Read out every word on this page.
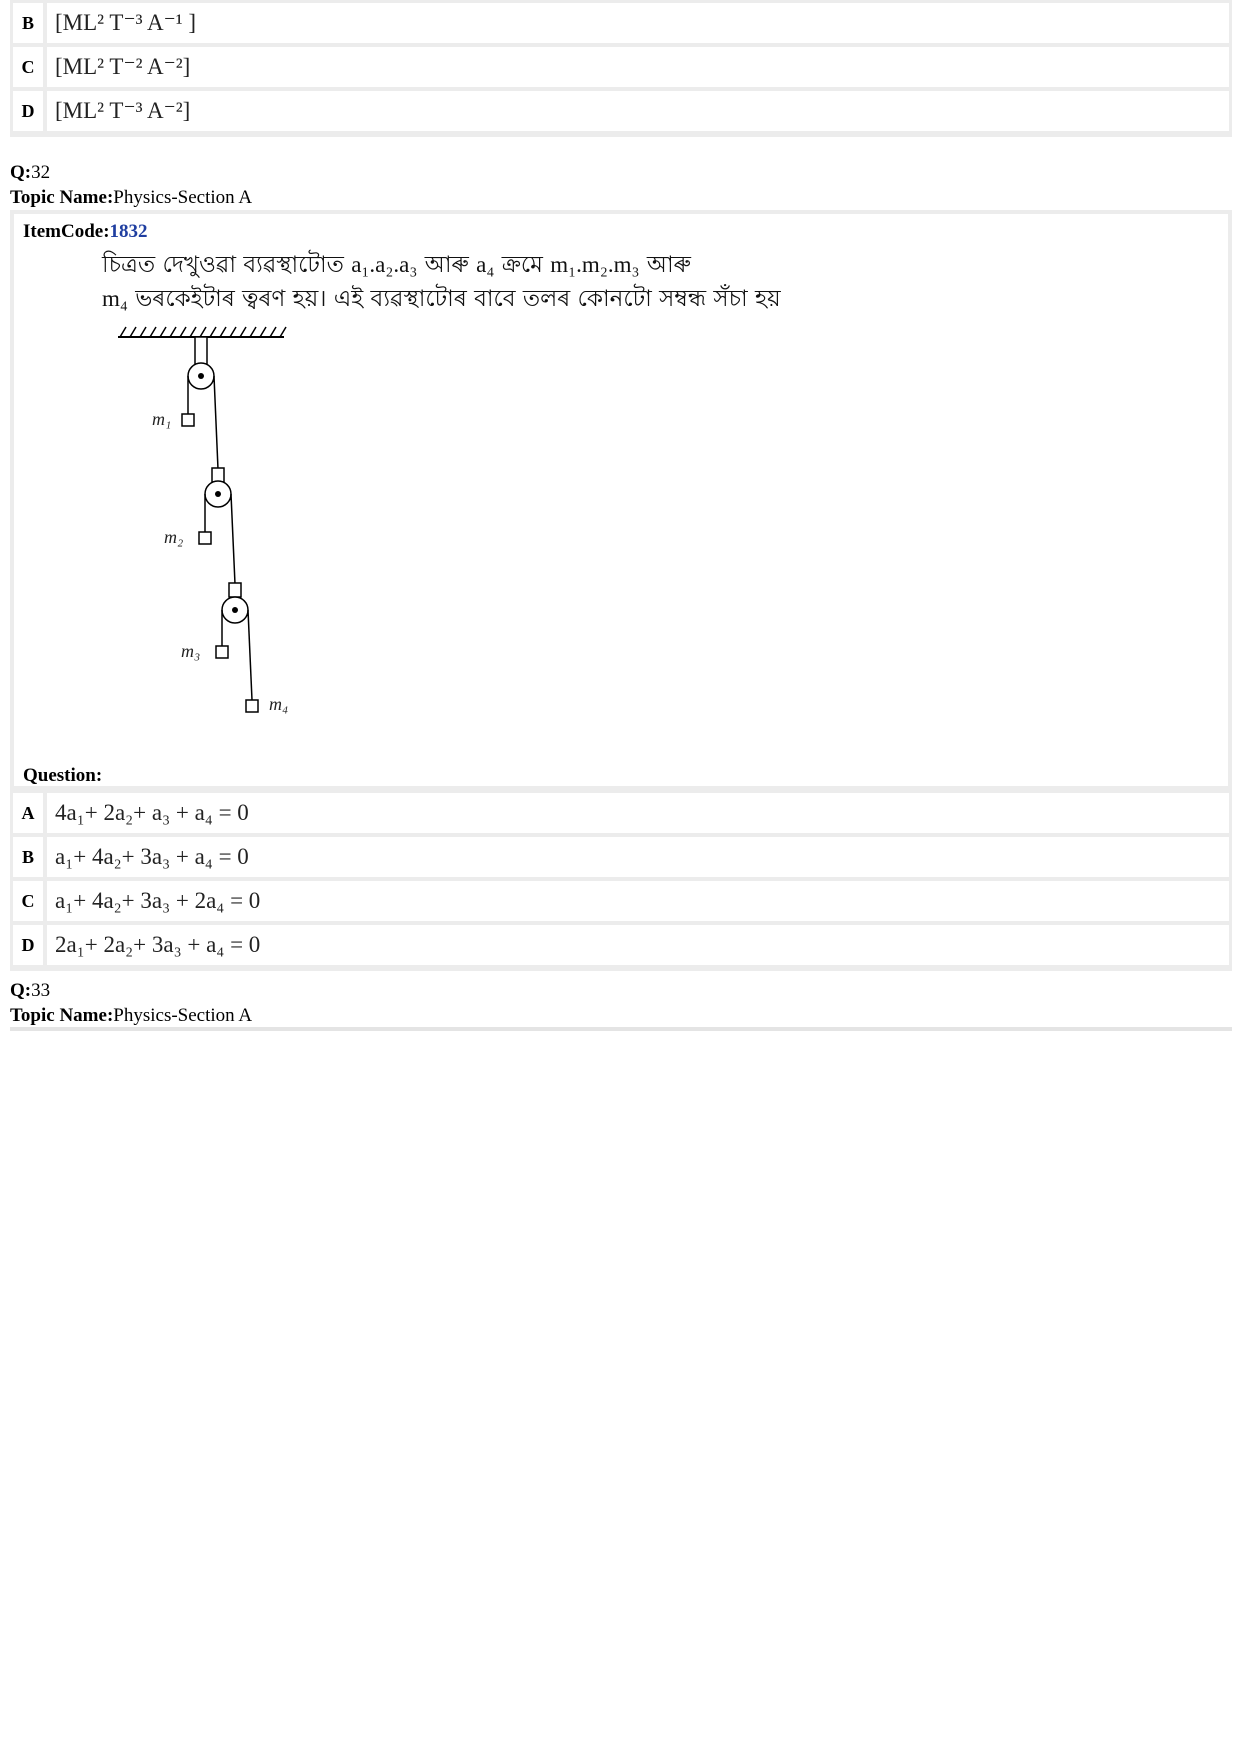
B [ML² T⁻³ A⁻¹ ]
C [ML² T⁻² A⁻²]
D [ML² T⁻³ A⁻²]
Q:32
Topic Name:Physics-Section A
ItemCode:1832
চিত্ৰত দেখুওৱা ব্যৱস্থাটোত a₁.a₂.a₃ আৰু a₄ ক্ৰমে m₁.m₂.m₃ আৰু
m₄ ভৰকেইটাৰ ত্বৰণ হয়। এই ব্যৱস্থাটোৰ বাবে তলৰ কোনটো সম্বন্ধ সঁচা হয়
m₁
m₂
m₃
m₄
Question:
A 4a₁+ 2a₂+ a₃ + a₄ = 0
B a₁+ 4a₂+ 3a₃ + a₄ = 0
C a₁+ 4a₂+ 3a₃ + 2a₄ = 0
D 2a₁+ 2a₂+ 3a₃ + a₄ = 0
Q:33
Topic Name:Physics-Section A
